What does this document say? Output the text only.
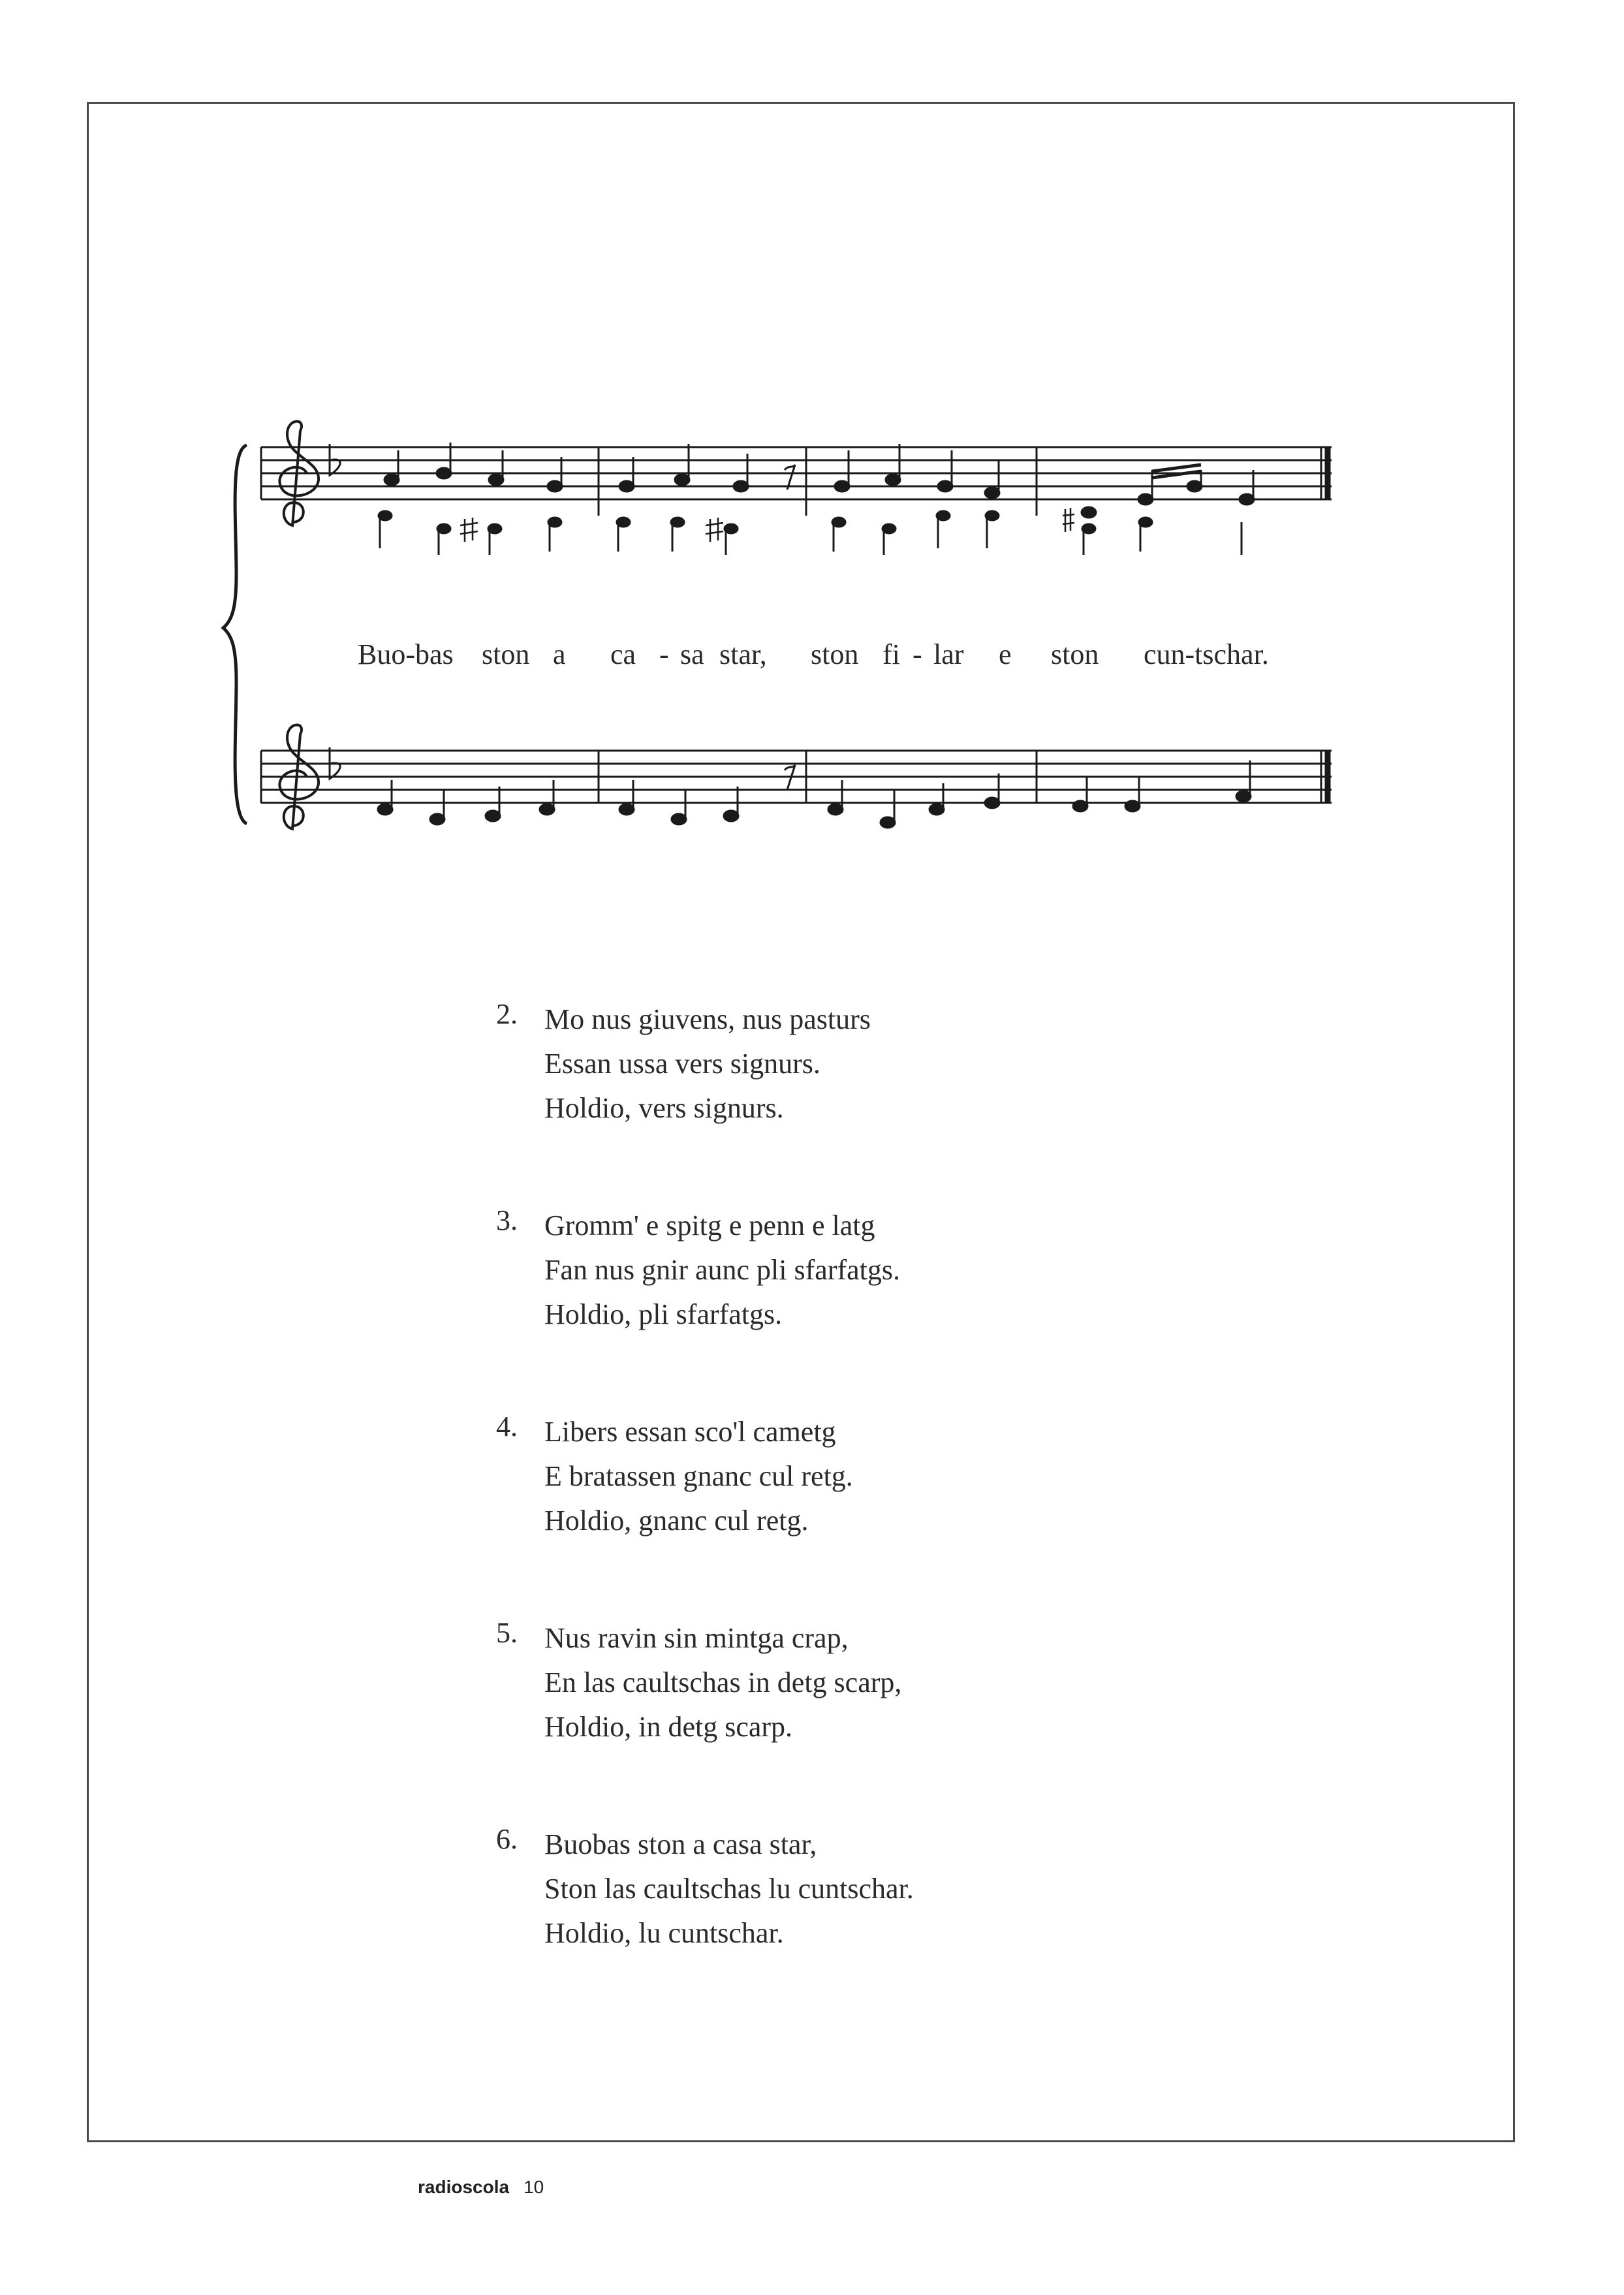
Buo-bas ston a ca - sa star, ston fi - lar e ston cun-tschar.
2. Mo nus giuvens, nus pasturs
Essan ussa vers signurs.
Holdio, vers signurs.
3. Gromm' e spitg e penn e latg
Fan nus gnir aunc pli sfarfatgs.
Holdio, pli sfarfatgs.
4. Libers essan sco'l cametg
E bratassen gnanc cul retg.
Holdio, gnanc cul retg.
5. Nus ravin sin mintga crap,
En las caultschas in detg scarp,
Holdio, in detg scarp.
6. Buobas ston a casa star,
Ston las caultschas lu cuntschar.
Holdio, lu cuntschar.
radioscola 10
